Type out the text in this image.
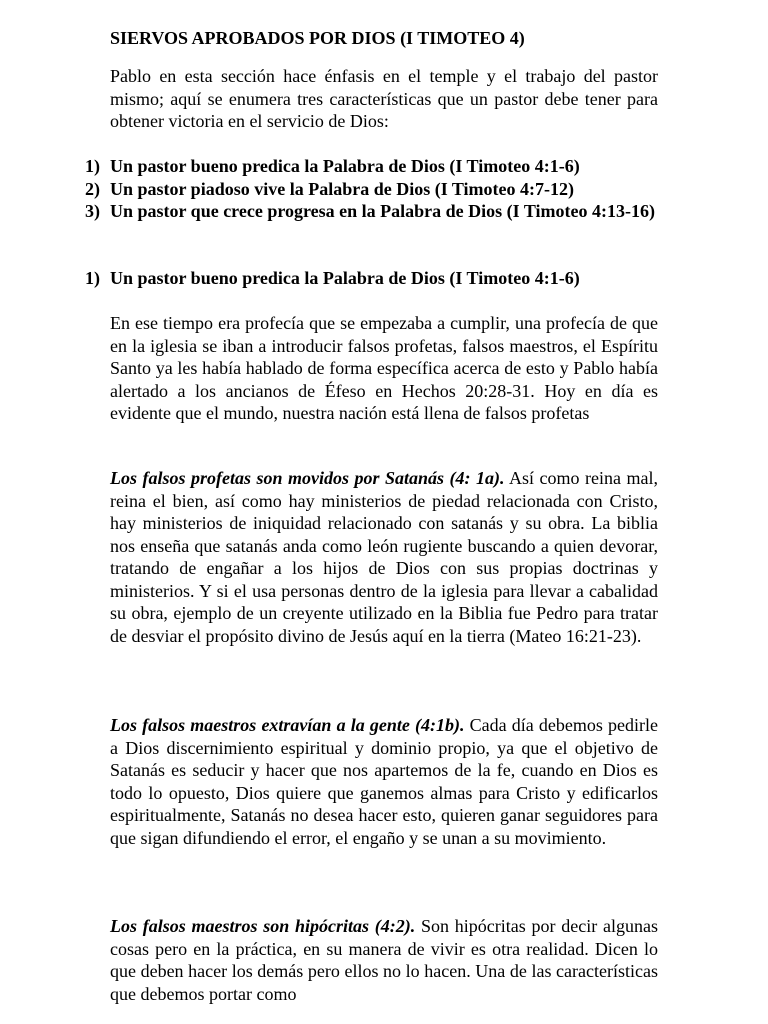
SIERVOS APROBADOS POR DIOS (I TIMOTEO 4)

Pablo en esta sección hace énfasis en el temple y el trabajo del pastor mismo; aquí se enumera tres características que un pastor debe tener para obtener victoria en el servicio de Dios:

1) Un pastor bueno predica la Palabra de Dios (I Timoteo 4:1-6)
2) Un pastor piadoso vive la Palabra de Dios (I Timoteo 4:7-12)
3) Un pastor que crece progresa en la Palabra de Dios (I Timoteo 4:13-16)
1) Un pastor bueno predica la Palabra de Dios (I Timoteo 4:1-6)

En ese tiempo era profecía que se empezaba a cumplir, una profecía de que en la iglesia se iban a introducir falsos profetas, falsos maestros, el Espíritu Santo ya les había hablado de forma específica acerca de esto y Pablo había alertado a los ancianos de Éfeso en Hechos 20:28-31. Hoy en día es evidente que el mundo, nuestra nación está llena de falsos profetas

Los falsos profetas son movidos por Satanás (4: 1a). Así como reina mal, reina el bien, así como hay ministerios de piedad relacionada con Cristo, hay ministerios de iniquidad relacionado con satanás y su obra. La biblia nos enseña que satanás anda como león rugiente buscando a quien devorar, tratando de engañar a los hijos de Dios con sus propias doctrinas y ministerios. Y si el usa personas dentro de la iglesia para llevar a cabalidad su obra, ejemplo de un creyente utilizado en la Biblia fue Pedro para tratar de desviar el propósito divino de Jesús aquí en la tierra (Mateo 16:21-23).

Los falsos maestros extravían a la gente (4:1b). Cada día debemos pedirle a Dios discernimiento espiritual y dominio propio, ya que el objetivo de Satanás es seducir y hacer que nos apartemos de la fe, cuando en Dios es todo lo opuesto, Dios quiere que ganemos almas para Cristo y edificarlos espiritualmente, Satanás no desea hacer esto, quieren ganar seguidores para que sigan difundiendo el error, el engaño y se unan a su movimiento.

Los falsos maestros son hipócritas (4:2). Son hipócritas por decir algunas cosas pero en la práctica, en su manera de vivir es otra realidad. Dicen lo que deben hacer los demás pero ellos no lo hacen. Una de las características que debemos portar como
